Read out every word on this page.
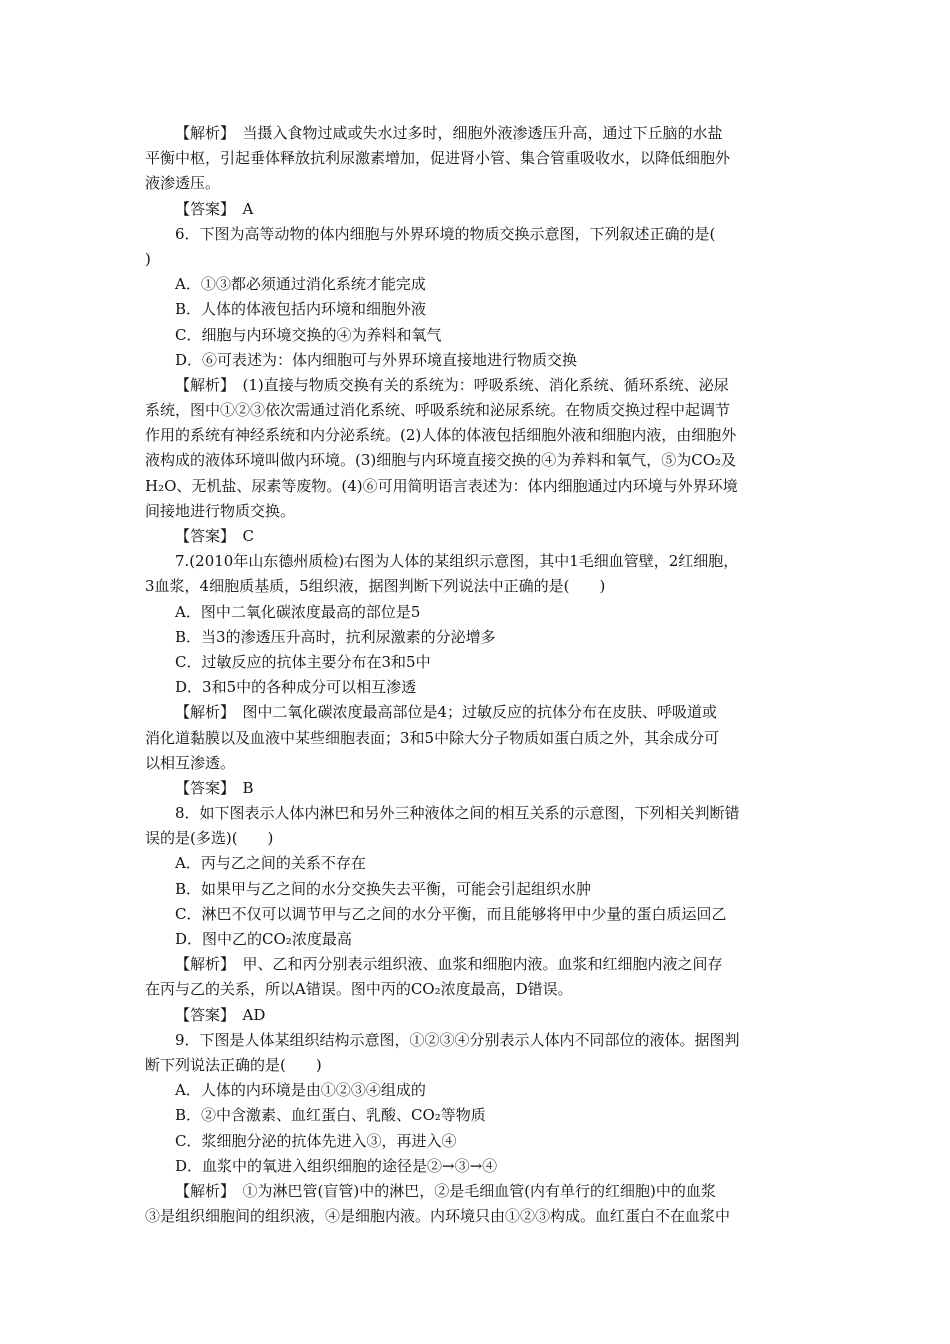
【解析】　当摄入食物过咸或失水过多时，细胞外液渗透压升高，通过下丘脑的水盐
平衡中枢，引起垂体释放抗利尿激素增加，促进肾小管、集合管重吸收水，以降低细胞外
液渗透压。
【答案】　A
6．下图为高等动物的体内细胞与外界环境的物质交换示意图，下列叙述正确的是(
)
A．①③都必须通过消化系统才能完成
B．人体的体液包括内环境和细胞外液
C．细胞与内环境交换的④为养料和氧气
D．⑥可表述为：体内细胞可与外界环境直接地进行物质交换
【解析】　(1)直接与物质交换有关的系统为：呼吸系统、消化系统、循环系统、泌尿
系统，图中①②③依次需通过消化系统、呼吸系统和泌尿系统。在物质交换过程中起调节
作用的系统有神经系统和内分泌系统。(2)人体的体液包括细胞外液和细胞内液，由细胞外
液构成的液体环境叫做内环境。(3)细胞与内环境直接交换的④为养料和氧气，⑤为CO₂及
H₂O、无机盐、尿素等废物。(4)⑥可用简明语言表述为：体内细胞通过内环境与外界环境
间接地进行物质交换。
【答案】　C
7.(2010年山东德州质检)右图为人体的某组织示意图，其中1毛细血管壁，2红细胞，
3血浆，4细胞质基质，5组织液，据图判断下列说法中正确的是(　　)
A．图中二氧化碳浓度最高的部位是5
B．当3的渗透压升高时，抗利尿激素的分泌增多
C．过敏反应的抗体主要分布在3和5中
D．3和5中的各种成分可以相互渗透
【解析】　图中二氧化碳浓度最高部位是4；过敏反应的抗体分布在皮肤、呼吸道或
消化道黏膜以及血液中某些细胞表面；3和5中除大分子物质如蛋白质之外，其余成分可
以相互渗透。
【答案】　B
8．如下图表示人体内淋巴和另外三种液体之间的相互关系的示意图，下列相关判断错
误的是(多选)(　　)
A．丙与乙之间的关系不存在
B．如果甲与乙之间的水分交换失去平衡，可能会引起组织水肿
C．淋巴不仅可以调节甲与乙之间的水分平衡，而且能够将甲中少量的蛋白质运回乙
D．图中乙的CO₂浓度最高
【解析】　甲、乙和丙分别表示组织液、血浆和细胞内液。血浆和红细胞内液之间存
在丙与乙的关系，所以A错误。图中丙的CO₂浓度最高，D错误。
【答案】　AD
9．下图是人体某组织结构示意图，①②③④分别表示人体内不同部位的液体。据图判
断下列说法正确的是(　　)
A．人体的内环境是由①②③④组成的
B．②中含激素、血红蛋白、乳酸、CO₂等物质
C．浆细胞分泌的抗体先进入③，再进入④
D．血浆中的氧进入组织细胞的途径是②→③→④
【解析】　①为淋巴管(盲管)中的淋巴，②是毛细血管(内有单行的红细胞)中的血浆
③是组织细胞间的组织液，④是细胞内液。内环境只由①②③构成。血红蛋白不在血浆中
